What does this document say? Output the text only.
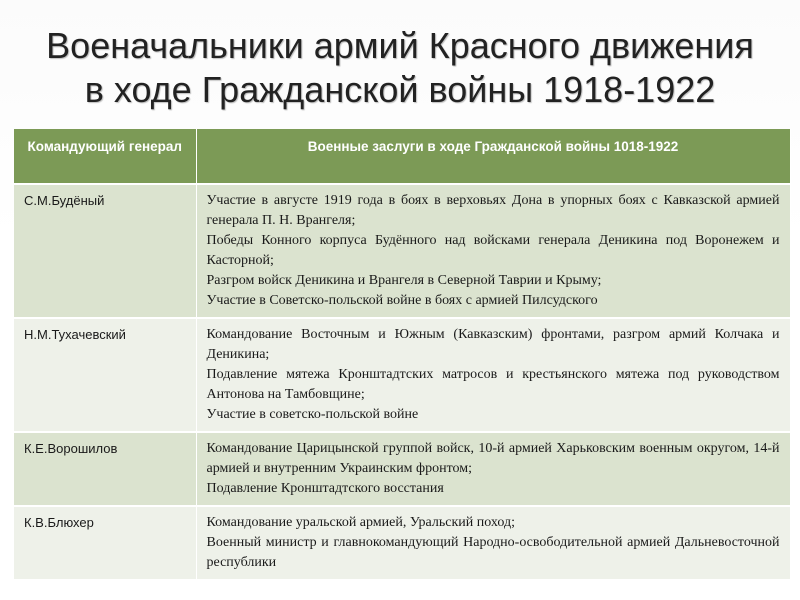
Военачальники армий Красного движения
в ходе Гражданской войны 1918-1922
Командующий генерал	Военные заслуги в ходе Гражданской войны 1018-1922
С.М.Будёный	Участие в августе 1919 года в боях в верховьях Дона в упорных боях с Кавказской армией генерала П. Н. Врангеля;

Победы Конного корпуса Будённого над войсками генерала Деникина под Воронежем и Касторной;

Разгром войск Деникина и Врангеля в Северной Таврии и Крыму;

Участие в Советско-польской войне в боях с армией Пилсудского

Н.М.Тухачевский	Командование Восточным и Южным (Кавказским) фронтами, разгром армий Колчака и Деникина;

Подавление мятежа Кронштадтских матросов и крестьянского мятежа под руководством Антонова на Тамбовщине;

Участие в советско-польской войне

К.Е.Ворошилов	Командование Царицынской группой войск, 10-й армией Харьковским военным округом, 14-й армией и внутренним Украинским фронтом;

Подавление Кронштадтского восстания

К.В.Блюхер	Командование уральской армией, Уральский поход;

Военный министр и главнокомандующий Народно-освободительной армией Дальневосточной республики
